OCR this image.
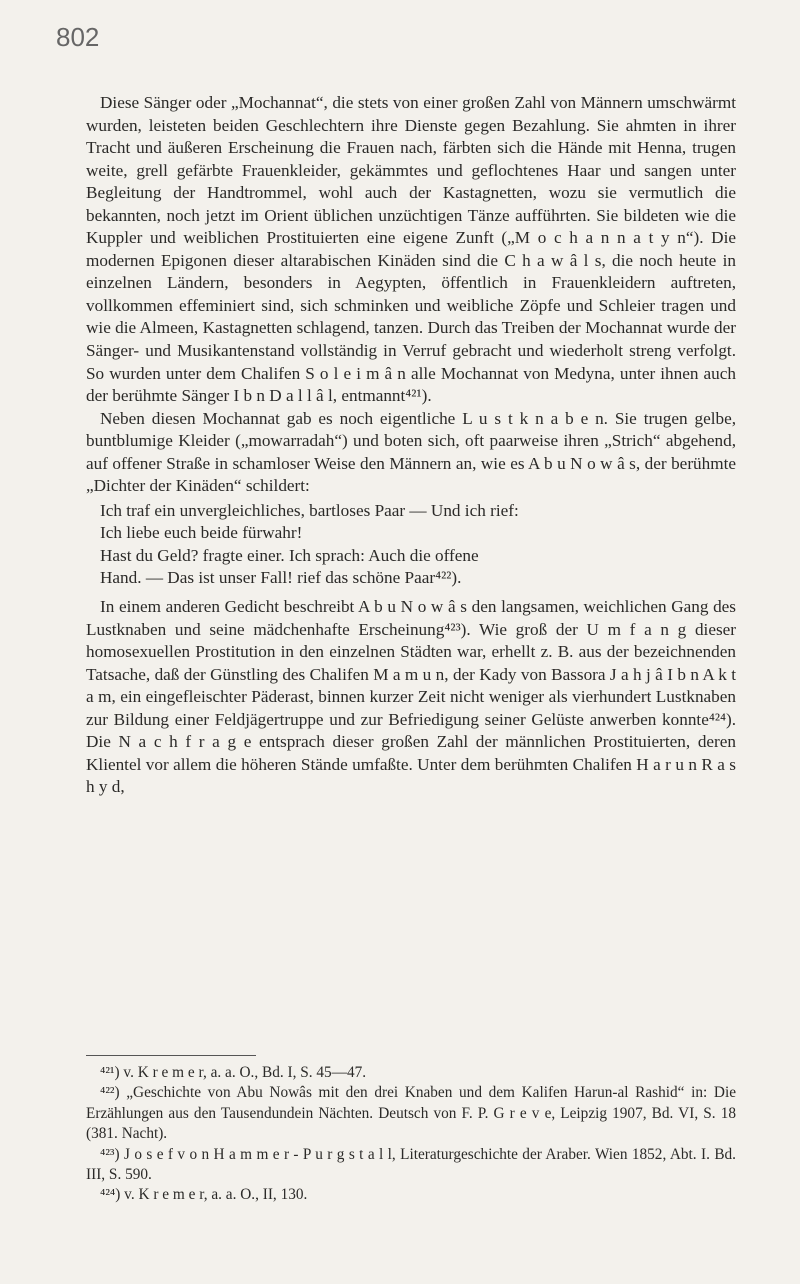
802

Diese Sänger oder „Mochannat“, die stets von einer großen Zahl von Männern umschwärmt wurden, leisteten beiden Geschlechtern ihre Dienste gegen Bezahlung. Sie ahmten in ihrer Tracht und äußeren Erscheinung die Frauen nach, färbten sich die Hände mit Henna, trugen weite, grell gefärbte Frauenkleider, gekämmtes und geflochtenes Haar und sangen unter Begleitung der Handtrommel, wohl auch der Kastagnetten, wozu sie vermutlich die bekannten, noch jetzt im Orient üblichen unzüchtigen Tänze aufführten. Sie bildeten wie die Kuppler und weiblichen Prostituierten eine eigene Zunft („M o c h a n n a t y n“). Die modernen Epigonen dieser altarabischen Kinäden sind die C h a w â l s, die noch heute in einzelnen Ländern, besonders in Aegypten, öffentlich in Frauenkleidern auftreten, vollkommen effeminiert sind, sich schminken und weibliche Zöpfe und Schleier tragen und wie die Almeen, Kastagnetten schlagend, tanzen. Durch das Treiben der Mochannat wurde der Sänger- und Musikantenstand vollständig in Verruf gebracht und wiederholt streng verfolgt. So wurden unter dem Chalifen S o l e i m â n alle Mochannat von Medyna, unter ihnen auch der berühmte Sänger I b n D a l l â l, entmannt⁴²¹).

Neben diesen Mochannat gab es noch eigentliche L u s t k n a b e n. Sie trugen gelbe, buntblumige Kleider („mowarradah“) und boten sich, oft paarweise ihren „Strich“ abgehend, auf offener Straße in schamloser Weise den Männern an, wie es A b u N o w â s, der berühmte „Dichter der Kinäden“ schildert:

Ich traf ein unvergleichliches, bartloses Paar — Und ich rief:
Ich liebe euch beide fürwahr!
Hast du Geld? fragte einer. Ich sprach: Auch die offene
Hand. — Das ist unser Fall! rief das schöne Paar⁴²²).

In einem anderen Gedicht beschreibt A b u N o w â s den langsamen, weichlichen Gang des Lustknaben und seine mädchenhafte Erscheinung⁴²³). Wie groß der U m f a n g dieser homosexuellen Prostitution in den einzelnen Städten war, erhellt z. B. aus der bezeichnenden Tatsache, daß der Günstling des Chalifen M a m u n, der Kady von Bassora J a h j â I b n A k t a m, ein eingefleischter Päderast, binnen kurzer Zeit nicht weniger als vierhundert Lustknaben zur Bildung einer Feldjägertruppe und zur Befriedigung seiner Gelüste anwerben konnte⁴²⁴). Die N a c h f r a g e entsprach dieser großen Zahl der männlichen Prostituierten, deren Klientel vor allem die höheren Stände umfaßte. Unter dem berühmten Chalifen H a r u n R a s h y d,

⁴²¹) v. K r e m e r, a. a. O., Bd. I, S. 45—47.
⁴²²) „Geschichte von Abu Nowâs mit den drei Knaben und dem Kalifen Harun-al Rashid“ in: Die Erzählungen aus den Tausendundein Nächten. Deutsch von F. P. G r e v e, Leipzig 1907, Bd. VI, S. 18 (381. Nacht).
⁴²³) J o s e f v o n H a m m e r - P u r g s t a l l, Literaturgeschichte der Araber. Wien 1852, Abt. I. Bd. III, S. 590.
⁴²⁴) v. K r e m e r, a. a. O., II, 130.
